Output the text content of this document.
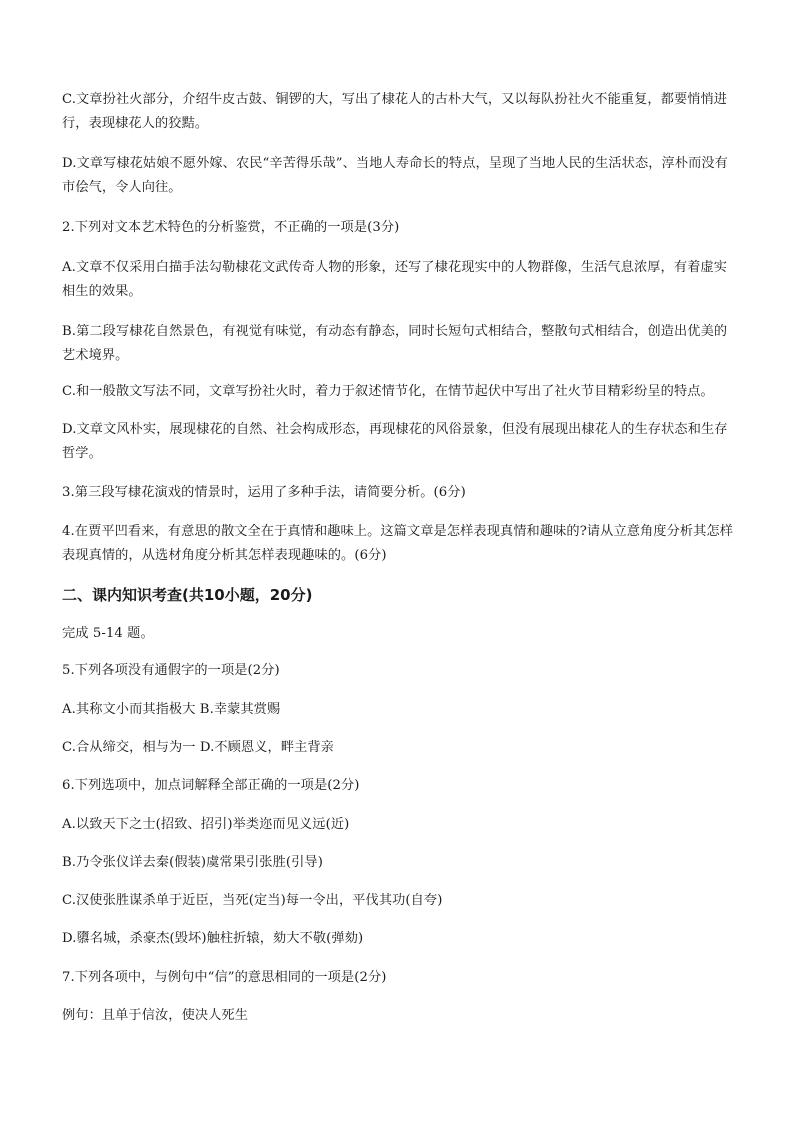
C.文章扮社火部分，介绍牛皮古鼓、铜锣的大，写出了棣花人的古朴大气，又以每队扮社火不能重复，都要悄悄进行，表现棣花人的狡黠。
D.文章写棣花姑娘不愿外嫁、农民“辛苦得乐哉”、当地人寿命长的特点，呈现了当地人民的生活状态，淳朴而没有市侩气，令人向往。
2.下列对文本艺术特色的分析鉴赏，不正确的一项是(3分)
A.文章不仅采用白描手法勾勒棣花文武传奇人物的形象，还写了棣花现实中的人物群像，生活气息浓厚，有着虚实相生的效果。
B.第二段写棣花自然景色，有视觉有味觉，有动态有静态，同时长短句式相结合，整散句式相结合，创造出优美的艺术境界。
C.和一般散文写法不同，文章写扮社火时，着力于叙述情节化，在情节起伏中写出了社火节目精彩纷呈的特点。
D.文章文风朴实，展现棣花的自然、社会构成形态，再现棣花的风俗景象，但没有展现出棣花人的生存状态和生存哲学。
3.第三段写棣花演戏的情景时，运用了多种手法，请简要分析。(6分)
4.在贾平凹看来，有意思的散文全在于真情和趣味上。这篇文章是怎样表现真情和趣味的?请从立意角度分析其怎样表现真情的，从选材角度分析其怎样表现趣味的。(6分)
二、课内知识考查(共10小题，20分)
完成 5-14 题。
5.下列各项没有通假字的一项是(2分)
A.其称文小而其指极大 B.幸蒙其赏赐
C.合从缔交，相与为一 D.不顾恩义，畔主背亲
6.下列选项中，加点词解释全部正确的一项是(2分)
A.以致天下之士(招致、招引)举类迩而见义远(近)
B.乃令张仪详去秦(假装)虞常果引张胜(引导)
C.汉使张胜谋杀单于近臣，当死(定当)每一令出，平伐其功(自夸)
D.隳名城，杀豪杰(毁坏)触柱折辕，劾大不敬(弹劾)
7.下列各项中，与例句中“信”的意思相同的一项是(2分)
例句：且单于信汝，使决人死生
